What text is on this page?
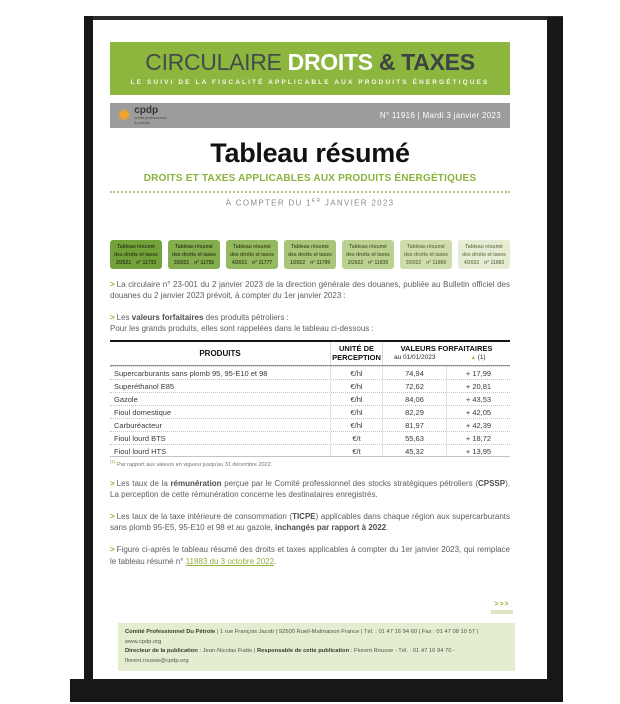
CIRCULAIRE DROITS & TAXES
LE SUIVI DE LA FISCALITÉ APPLICABLE AUX PRODUITS ÉNERGÉTIQUES
✹ cpdp
comité professionnel du pétrole
N° 11916 | Mardi 3 janvier 2023
Tableau résumé
DROITS ET TAXES APPLICABLES AUX PRODUITS ÉNERGÉTIQUES
À COMPTER DU 1ER JANVIER 2023
Tableau résumé
des droits et taxes
2/2021 n° 11733
Tableau résumé
des droits et taxes
3/2021 n° 11755
Tableau résumé
des droits et taxes
4/2021 n° 11777
Tableau résumé
des droits et taxes
1/2022 n° 11799
Tableau résumé
des droits et taxes
2/2022 n° 11835
Tableau résumé
des droits et taxes
3/2022 n° 11860
Tableau résumé
des droits et taxes
4/2022 n° 11883
> La circulaire n° 23-001 du 2 janvier 2023 de la direction générale des douanes, publiée au Bulletin officiel des douanes du 2 janvier 2023 prévoit, à compter du 1er janvier 2023 :
> Les valeurs forfaitaires des produits pétroliers :
Pour les grands produits, elles sont rappelées dans le tableau ci-dessous :
PRODUITS
UNITÉ DE
PERCEPTION
VALEURS FORFAITAIRES
au 01/01/2023	▲ (1)
Supercarburants sans plomb 95, 95-E10 et 98	€/hl	74,94	+ 17,99
Superéthanol E85	€/hl	72,62	+ 20,81
Gazole	€/hl	84,06	+ 43,53
Fioul domestique	€/hl	82,29	+ 42,05
Carburéacteur	€/hl	81,97	+ 42,39
Fioul lourd BTS	€/t	55,63	+ 18,72
Fioul lourd HTS	€/t	45,32	+ 13,95
$^{(1)}$ Par rapport aux valeurs en vigueur jusqu'au 31 décembre 2022.
> Les taux de la rémunération perçue par le Comité professionnel des stocks stratégiques pétroliers (CPSSP). La perception de cette rémunération concerne les destinataires enregistrés.
> Les taux de la taxe intérieure de consommation (TICPE) applicables dans chaque région aux supercarburants sans plomb 95-E5, 95-E10 et 98 et au gazole, inchangés par rapport à 2022.
> Figure ci-après le tableau résumé des droits et taxes applicables à compter du 1er janvier 2023, qui remplace le tableau résumé n° 11883 du 3 octobre 2022.
>>>
Comité Professionnel Du Pétrole | 1 rue François Jacob | 92500 Rueil-Malmaison France | Tél. : 01 47 16 94 60 | Fax : 01 47 08 10 57 | www.cpdp.org
Directeur de la publication : Jean-Nicolas Fiatte | Responsable de cette publication : Florent Rousse - Tél. : 01 47 16 94 70 - florent.rousse@cpdp.org
